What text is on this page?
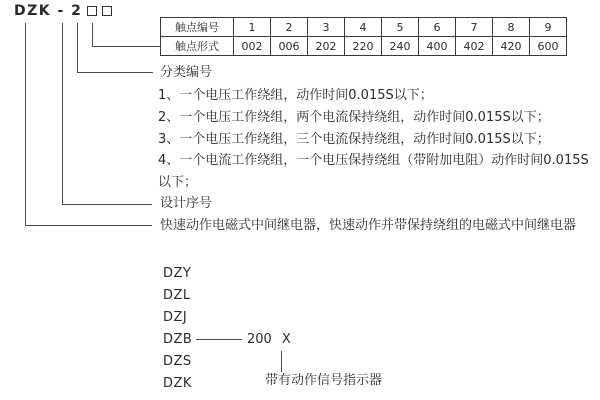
DZK - 2
触点编号	1	2	3	4	5	6	7	8	9
触点形式	002	006	202	220	240	400	402	420	600
分类编号
1、一个电压工作绕组，动作时间0.015S以下；
2、一个电压工作绕组，两个电流保持绕组，动作时间0.015S以下；
3、一个电压工作绕组，三个电流保持绕组，动作时间0.015S以下；
4、一个电流工作绕组，一个电压保持绕组（带附加电阻）动作时间0.015S
以下；
设计序号
快速动作电磁式中间继电器，快速动作并带保持绕组的电磁式中间继电器
DZY
DZL
DZJ
DZB
DZS
DZK
200 X
带有动作信号指示器
